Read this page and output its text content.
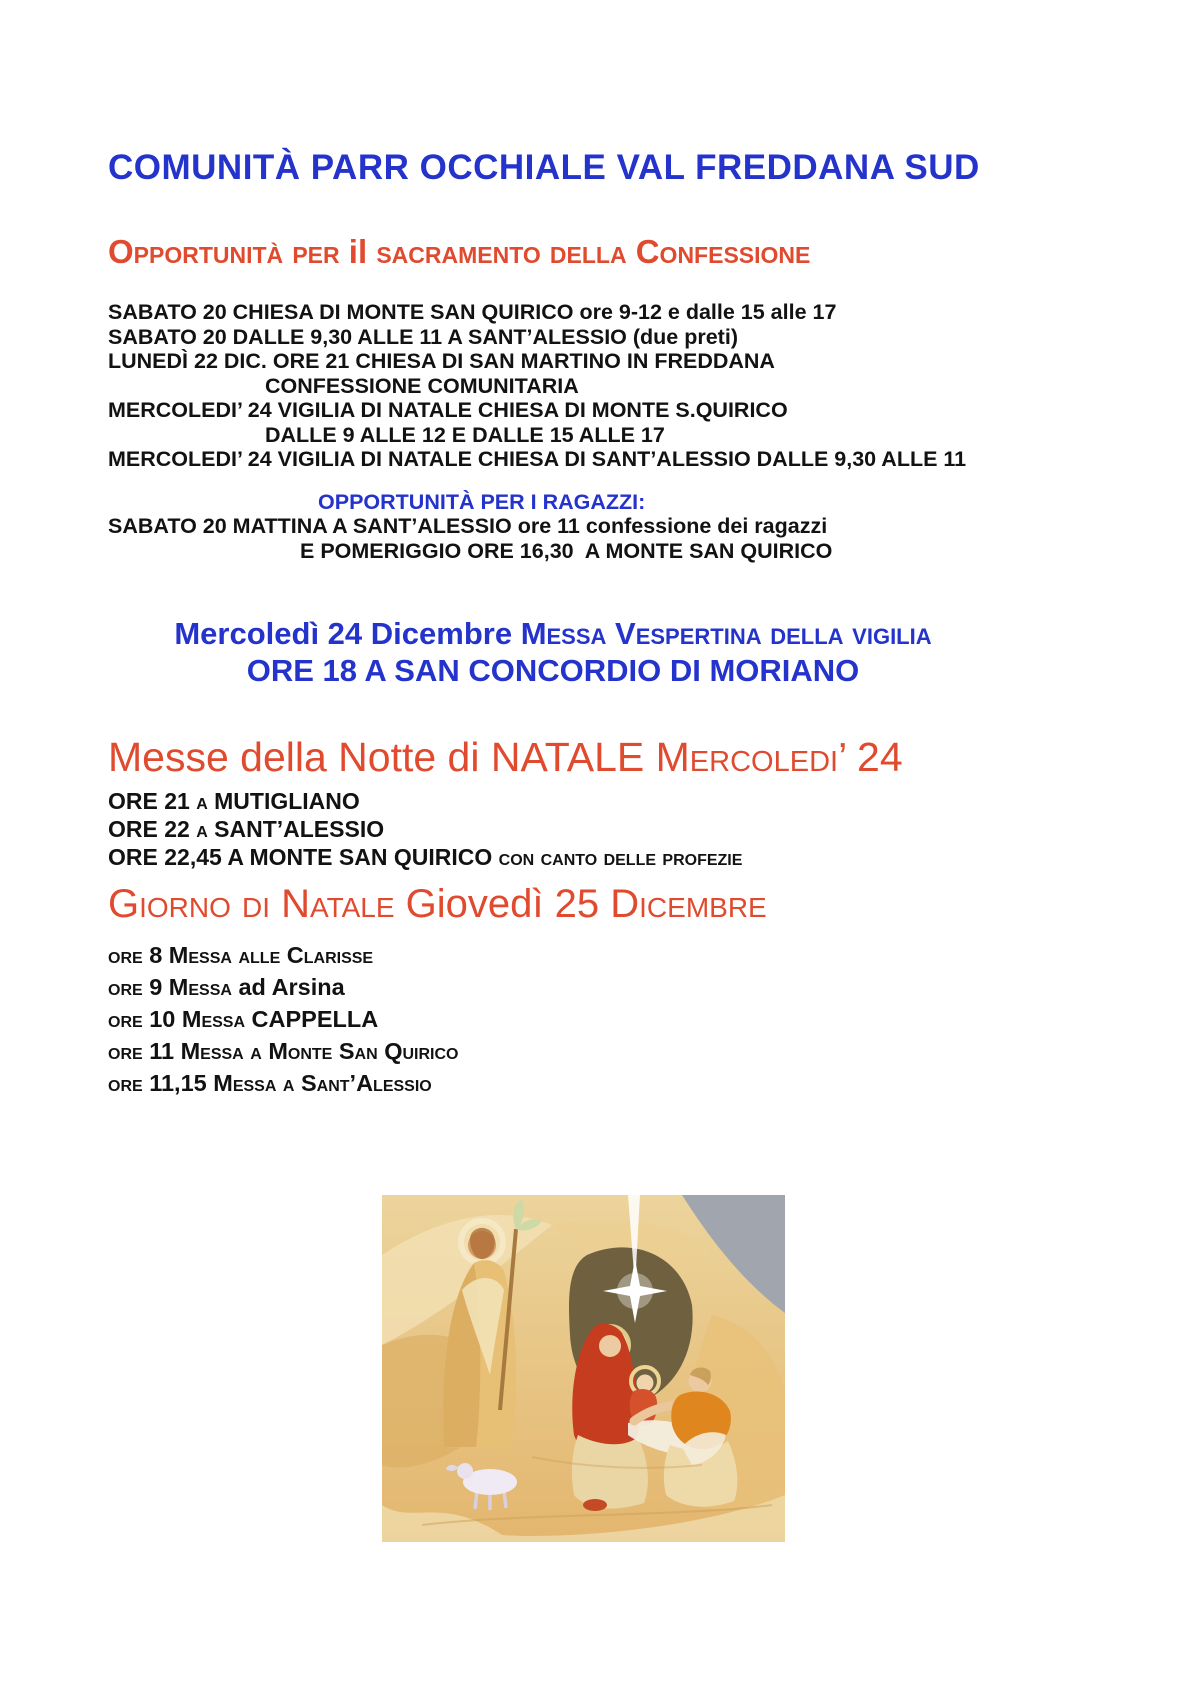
COMUNITÀ PARR OCCHIALE VAL FREDDANA SUD
Opportunità per il sacramento della Confessione
SABATO 20 CHIESA DI MONTE SAN QUIRICO ore 9-12 e dalle 15 alle 17
SABATO 20 DALLE 9,30 ALLE 11 A SANT’ALESSIO (due preti)
LUNEDÌ 22 DIC. ORE 21 CHIESA DI SAN MARTINO IN FREDDANA
CONFESSIONE COMUNITARIA
MERCOLEDI’ 24 VIGILIA DI NATALE CHIESA DI MONTE S.QUIRICO
DALLE 9 ALLE 12 E DALLE 15 ALLE 17
MERCOLEDI’ 24 VIGILIA DI NATALE CHIESA DI SANT’ALESSIO DALLE 9,30 ALLE 11
OPPORTUNITÀ PER I RAGAZZI:
SABATO 20 MATTINA A SANT’ALESSIO ore 11 confessione dei ragazzi
E POMERIGGIO ORE 16,30  A MONTE SAN QUIRICO
Mercoledì 24 Dicembre Messa Vespertina della vigilia
ORE 18 A SAN CONCORDIO DI MORIANO
Messe della Notte di NATALE Mercoledi’ 24
ORE 21 a MUTIGLIANO
ORE 22 a SANT’ALESSIO
ORE 22,45 A MONTE SAN QUIRICO con canto delle profezie
Giorno di Natale Giovedì 25 Dicembre
ore 8 Messa alle Clarisse
ore 9 Messa ad Arsina
ore 10 Messa CAPPELLA
ore 11 Messa a Monte San Quirico
ore 11,15 Messa a Sant’Alessio
